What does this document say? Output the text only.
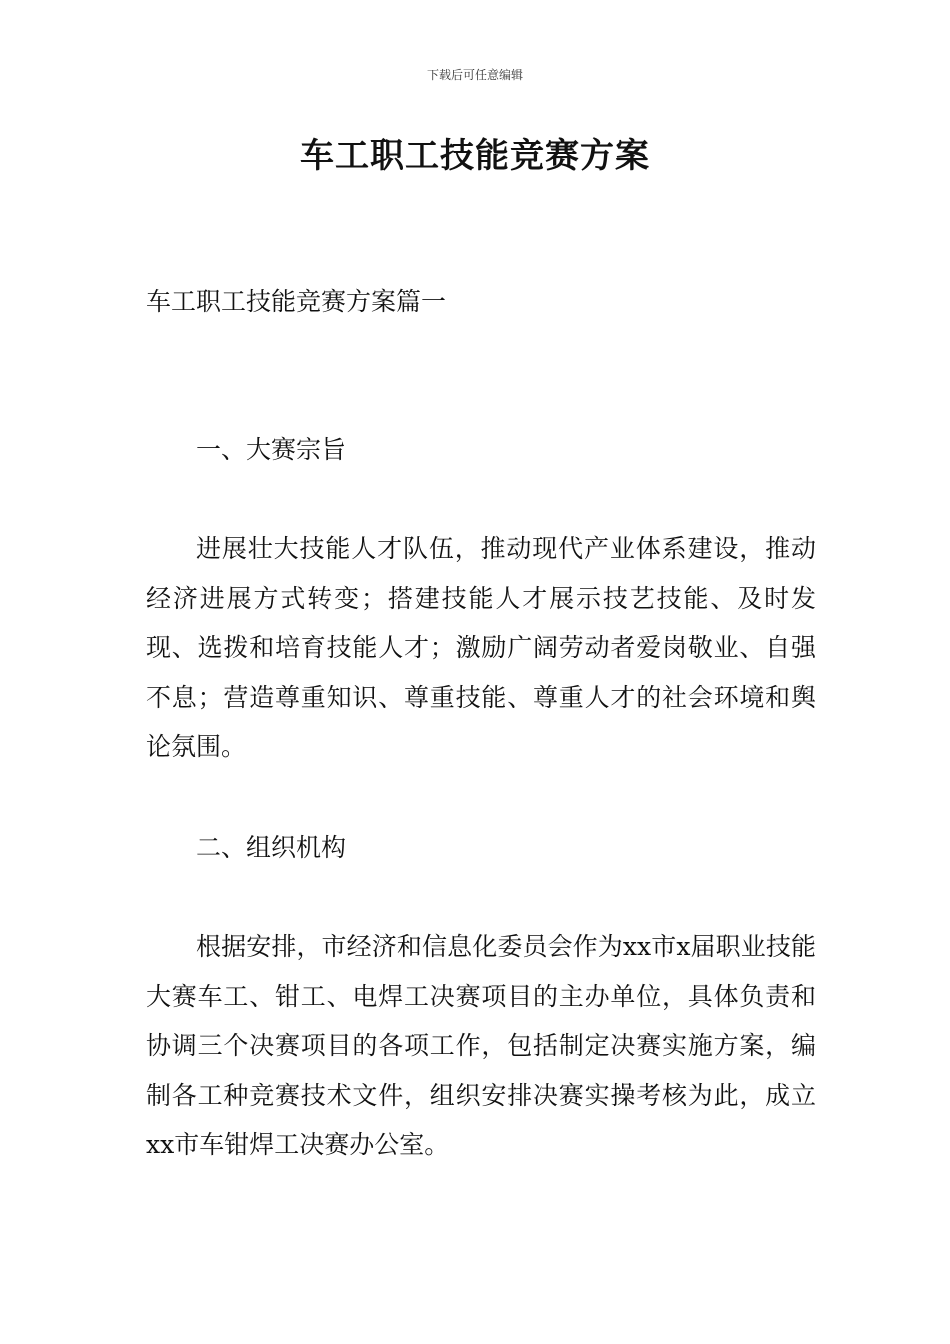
下载后可任意编辑
车工职工技能竞赛方案
车工职工技能竞赛方案篇一
一、大赛宗旨

进展壮大技能人才队伍，推动现代产业体系建设，推动经济进展方式转变；搭建技能人才展示技艺技能、及时发现、选拨和培育技能人才；激励广阔劳动者爱岗敬业、自强不息；营造尊重知识、尊重技能、尊重人才的社会环境和舆论氛围。

二、组织机构

根据安排，市经济和信息化委员会作为xx市x届职业技能大赛车工、钳工、电焊工决赛项目的主办单位，具体负责和协调三个决赛项目的各项工作，包括制定决赛实施方案，编制各工种竞赛技术文件，组织安排决赛实操考核为此，成立xx市车钳焊工决赛办公室。
